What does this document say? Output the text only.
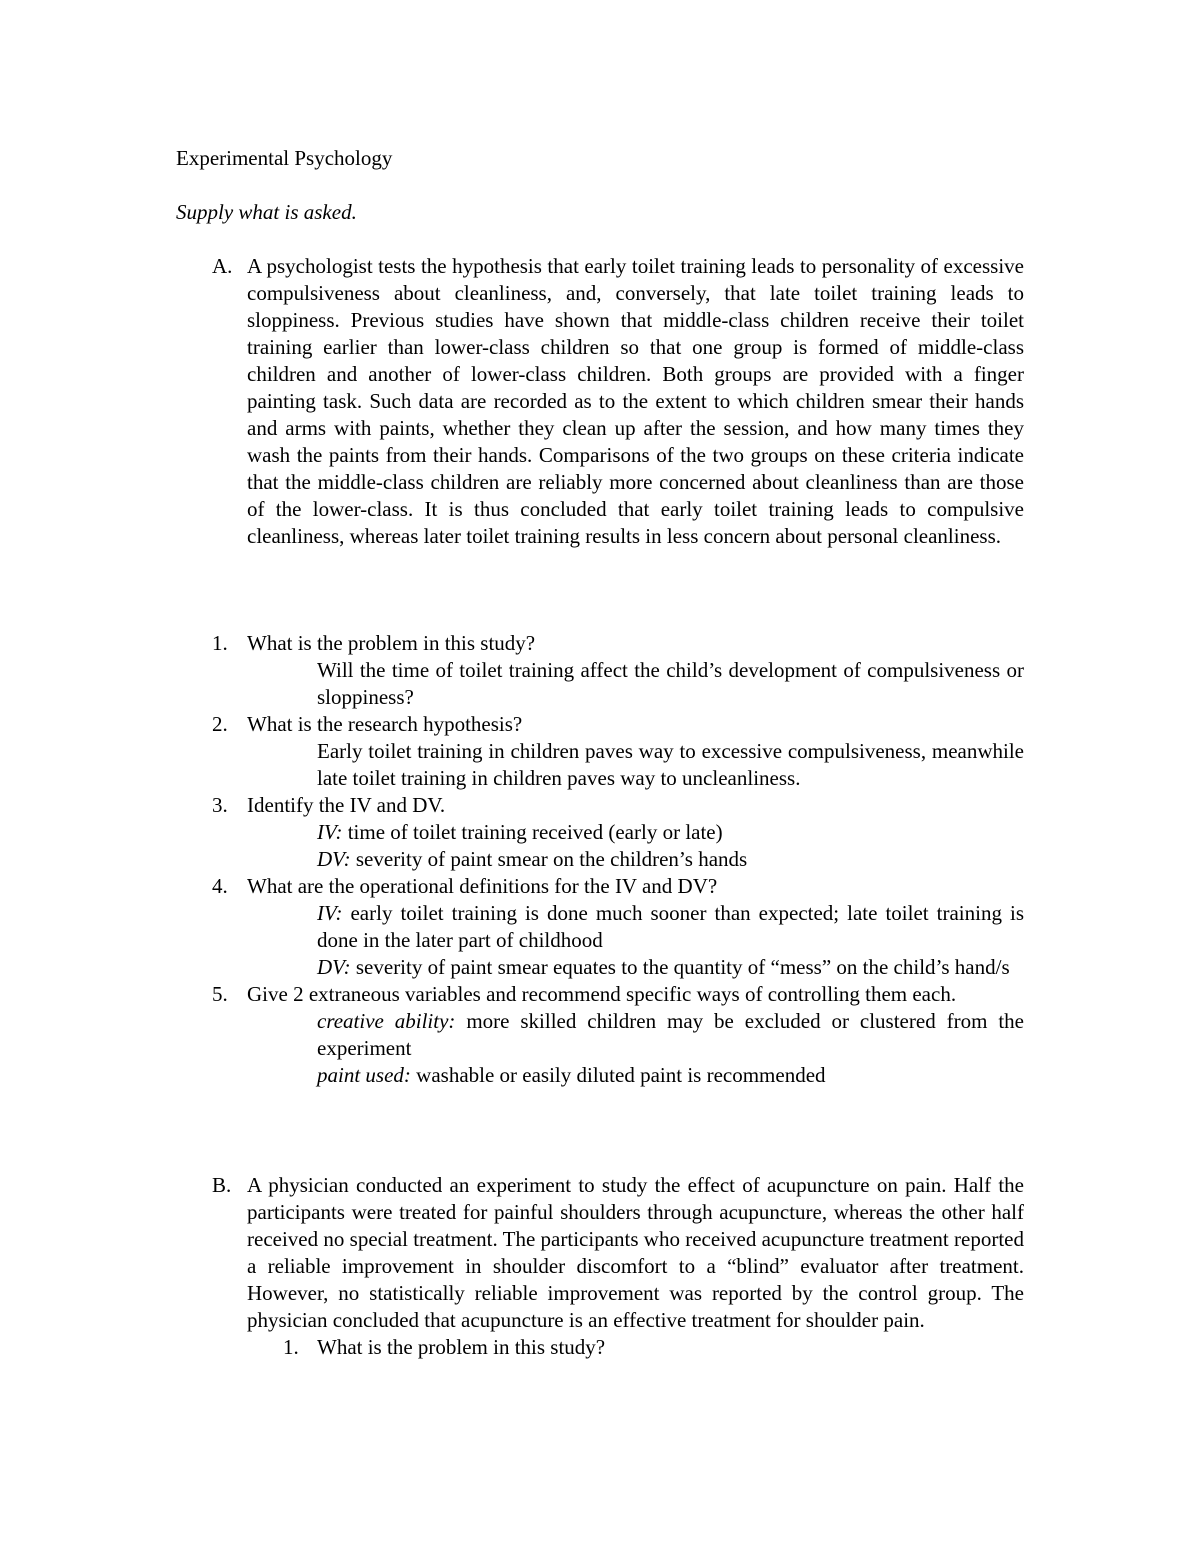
Experimental Psychology
Supply what is asked.
A. A psychologist tests the hypothesis that early toilet training leads to personality of excessive compulsiveness about cleanliness, and, conversely, that late toilet training leads to sloppiness. Previous studies have shown that middle-class children receive their toilet training earlier than lower-class children so that one group is formed of middle-class children and another of lower-class children. Both groups are provided with a finger painting task. Such data are recorded as to the extent to which children smear their hands and arms with paints, whether they clean up after the session, and how many times they wash the paints from their hands. Comparisons of the two groups on these criteria indicate that the middle-class children are reliably more concerned about cleanliness than are those of the lower-class. It is thus concluded that early toilet training leads to compulsive cleanliness, whereas later toilet training results in less concern about personal cleanliness.
1. What is the problem in this study?
Will the time of toilet training affect the child’s development of compulsiveness or sloppiness?
2. What is the research hypothesis?
Early toilet training in children paves way to excessive compulsiveness, meanwhile late toilet training in children paves way to uncleanliness.
3. Identify the IV and DV.
IV: time of toilet training received (early or late)
DV: severity of paint smear on the children’s hands
4. What are the operational definitions for the IV and DV?
IV: early toilet training is done much sooner than expected; late toilet training is done in the later part of childhood
DV: severity of paint smear equates to the quantity of “mess” on the child’s hand/s
5. Give 2 extraneous variables and recommend specific ways of controlling them each.
creative ability: more skilled children may be excluded or clustered from the experiment
paint used: washable or easily diluted paint is recommended
B. A physician conducted an experiment to study the effect of acupuncture on pain. Half the participants were treated for painful shoulders through acupuncture, whereas the other half received no special treatment. The participants who received acupuncture treatment reported a reliable improvement in shoulder discomfort to a “blind” evaluator after treatment. However, no statistically reliable improvement was reported by the control group. The physician concluded that acupuncture is an effective treatment for shoulder pain.
1. What is the problem in this study?
